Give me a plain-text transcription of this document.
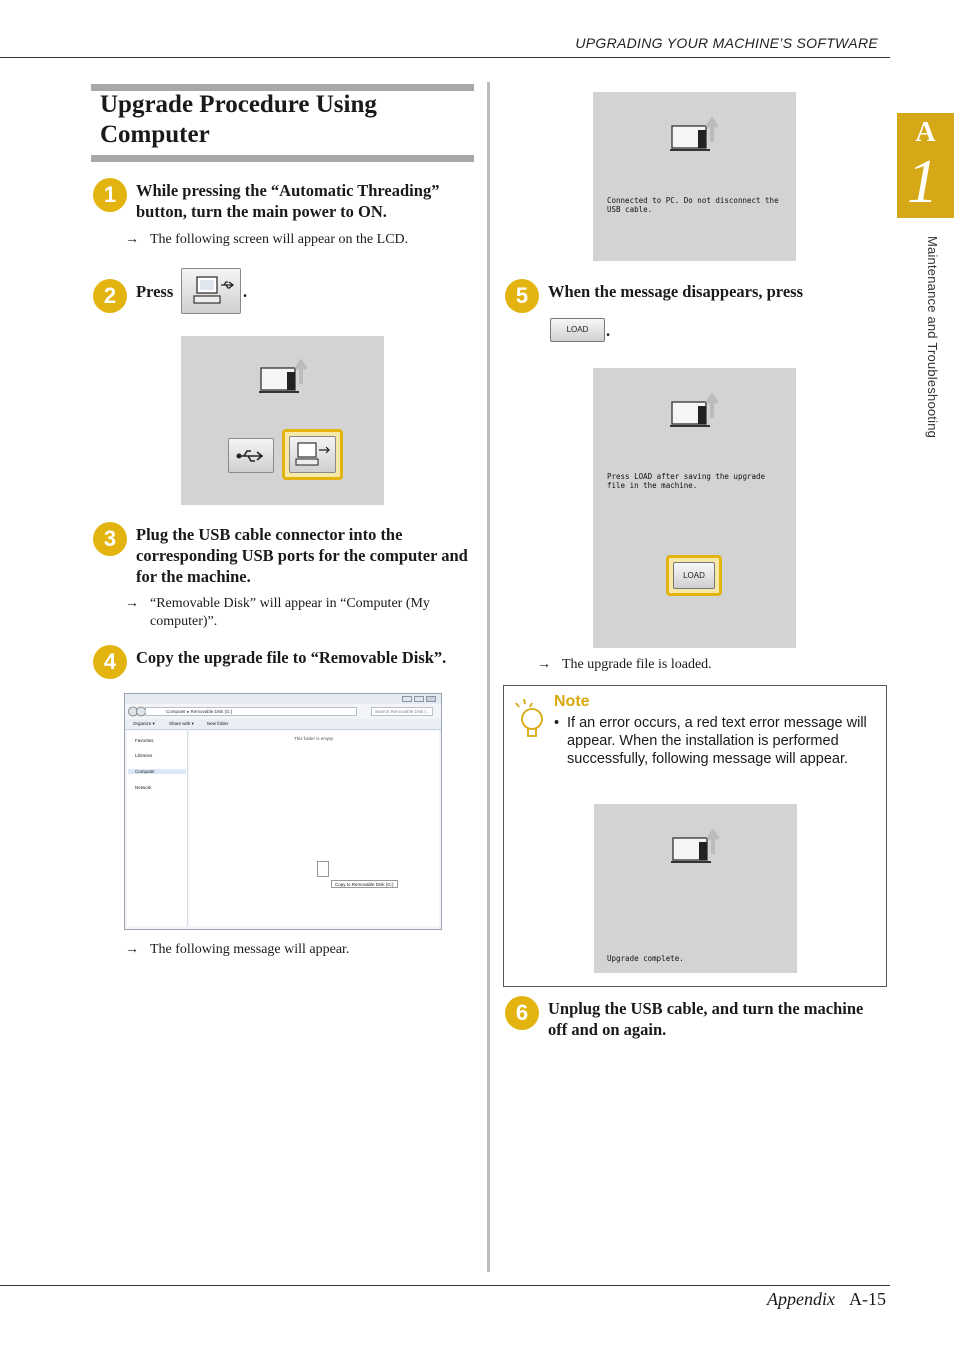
UPGRADING YOUR MACHINE’S SOFTWARE
Appendix A-15
A
1
Maintenance and Troubleshooting
Upgrade Procedure Using Computer
1	While pressing the “Automatic Threading” button, turn the main power to ON.
→ The following screen will appear on the LCD.
2	Press	.
3	Plug the USB cable connector into the corresponding USB ports for the computer and for the machine.
→ “Removable Disk” will appear in “Computer (My computer)”.
4	Copy the upgrade file to “Removable Disk”.
Computer ▸ Removable Disk (G:)	Search Removable Disk (...
Organize ▾	Share with ▾	New folder
Favorites
Libraries
Computer
Network
This folder is empty.
Copy to Removable Disk (G:)
→ The following message will appear.
Connected to PC. Do not disconnect the USB cable.
5	When the message disappears, press
LOAD	.
Press LOAD after saving the upgrade file in the machine.
LOAD
→ The upgrade file is loaded.
Note
• If an error occurs, a red text error message will appear. When the installation is performed successfully, following message will appear.
Upgrade complete.
6	Unplug the USB cable, and turn the machine off and on again.
